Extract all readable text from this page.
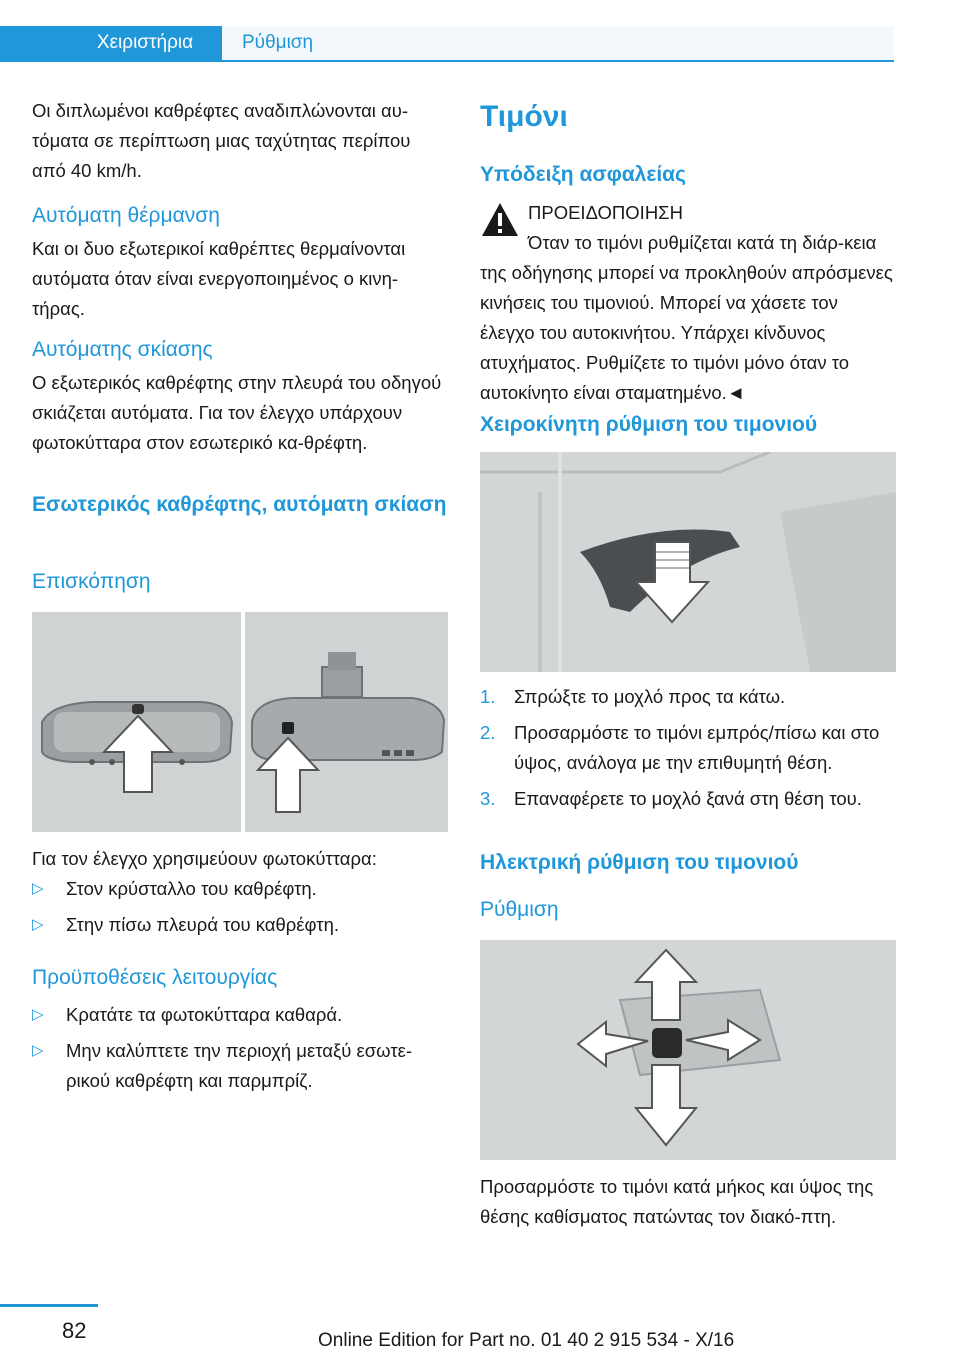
Χειριστήρια	Ρύθμιση

Οι διπλωμένοι καθρέφτες αναδιπλώνονται αυ-τόματα σε περίπτωση μιας ταχύτητας περίπου από 40 km/h.

Αυτόματη θέρμανση

Και οι δυο εξωτερικοί καθρέπτες θερμαίνονται αυτόματα όταν είναι ενεργοποιημένος ο κινη-τήρας.

Αυτόματης σκίασης

Ο εξωτερικός καθρέφτης στην πλευρά του οδηγού σκιάζεται αυτόματα. Για τον έλεγχο υπάρχουν φωτοκύτταρα στον εσωτερικό κα-θρέφτη.

Εσωτερικός καθρέφτης, αυτόματη σκίαση
Επισκόπηση

Για τον έλεγχο χρησιμεύουν φωτοκύτταρα:

▷ Στον κρύσταλλο του καθρέφτη.
▷ Στην πίσω πλευρά του καθρέφτη.
Προϋποθέσεις λειτουργίας
▷ Κρατάτε τα φωτοκύτταρα καθαρά.
▷ Μην καλύπτετε την περιοχή μεταξύ εσωτε-ρικού καθρέφτη και παρμπρίζ.
Τιμόνι
Υπόδειξη ασφαλείας
ΠΡΟΕΙΔΟΠΟΙΗΣΗ
Όταν το τιμόνι ρυθμίζεται κατά τη διάρ-κεια της οδήγησης μπορεί να προκληθούν απρόσμενες κινήσεις του τιμονιού. Μπορεί να χάσετε τον έλεγχο του αυτοκινήτου. Υπάρχει κίνδυνος ατυχήματος. Ρυθμίζετε το τιμόνι μόνο όταν το αυτοκίνητο είναι σταματημένο.◄
Χειροκίνητη ρύθμιση του τιμονιού
1. Σπρώξτε το μοχλό προς τα κάτω.
2. Προσαρμόστε το τιμόνι εμπρός/πίσω και στο ύψος, ανάλογα με την επιθυμητή θέση.
3. Επαναφέρετε το μοχλό ξανά στη θέση του.
Ηλεκτρική ρύθμιση του τιμονιού
Ρύθμιση

Προσαρμόστε το τιμόνι κατά μήκος και ύψος της θέσης καθίσματος πατώντας τον διακό-πτη.

82	Online Edition for Part no. 01 40 2 915 534 - X/16
